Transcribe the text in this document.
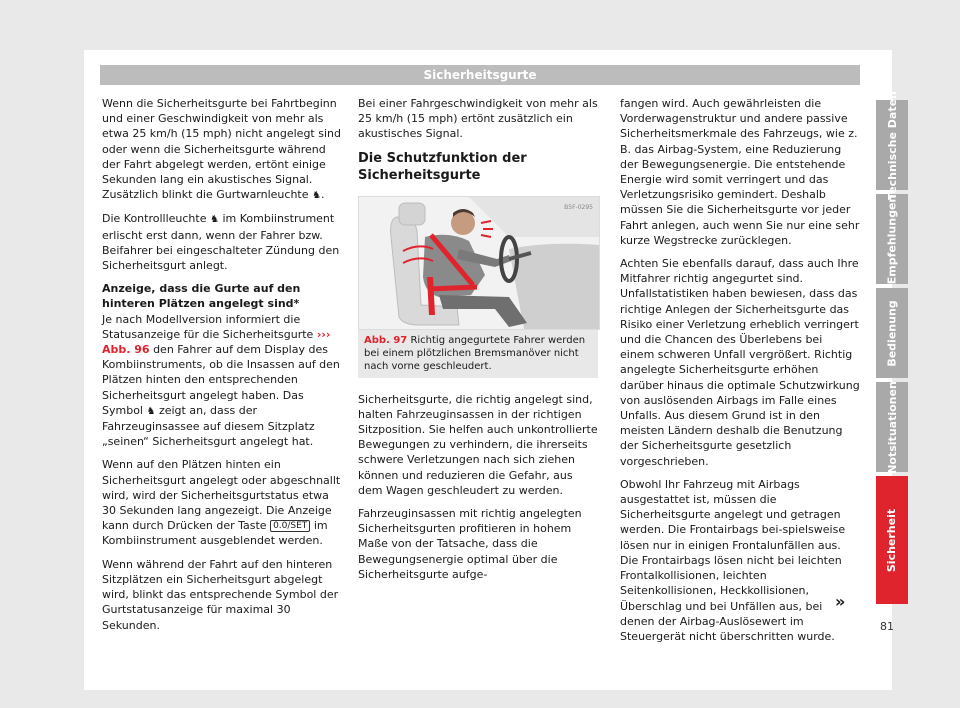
Sicherheitsgurte

Wenn die Sicherheitsgurte bei Fahrtbeginn und einer Geschwindigkeit von mehr als etwa 25 km/h (15 mph) nicht angelegt sind oder wenn die Sicherheitsgurte während der Fahrt abgelegt werden, ertönt einige Sekunden lang ein akustisches Signal. Zusätzlich blinkt die Gurtwarnleuchte ♞.

Die Kontrollleuchte ♞ im Kombiinstrument erlischt erst dann, wenn der Fahrer bzw. Beifahrer bei eingeschalteter Zündung den Sicherheitsgurt anlegt.

Anzeige, dass die Gurte auf den hinteren Plätzen angelegt sind*

Je nach Modellversion informiert die Statusanzeige für die Sicherheitsgurte ››› Abb. 96 den Fahrer auf dem Display des Kombiinstruments, ob die Insassen auf den Plätzen hinten den entsprechenden Sicherheitsgurt angelegt haben. Das Symbol ♞ zeigt an, dass der Fahrzeuginsassee auf diesem Sitzplatz „seinen“ Sicherheitsgurt angelegt hat.

Wenn auf den Plätzen hinten ein Sicherheitsgurt angelegt oder abgeschnallt wird, wird der Sicherheitsgurtstatus etwa 30 Sekunden lang angezeigt. Die Anzeige kann durch Drücken der Taste 0.0/SET im Kombiinstrument ausgeblendet werden.

Wenn während der Fahrt auf den hinteren Sitzplätzen ein Sicherheitsgurt abgelegt wird, blinkt das entsprechende Symbol der Gurtstatusanzeige für maximal 30 Sekunden.

Bei einer Fahrgeschwindigkeit von mehr als 25 km/h (15 mph) ertönt zusätzlich ein akustisches Signal.

Die Schutzfunktion der Sicherheitsgurte
B5F-0295
Abb. 97 Richtig angegurtete Fahrer werden bei einem plötzlichen Bremsmanöver nicht nach vorne geschleudert.

Sicherheitsgurte, die richtig angelegt sind, halten Fahrzeuginsassen in der richtigen Sitzposition. Sie helfen auch unkontrollierte Bewegungen zu verhindern, die ihrerseits schwere Verletzungen nach sich ziehen können und reduzieren die Gefahr, aus dem Wagen geschleudert zu werden.

Fahrzeuginsassen mit richtig angelegten Sicherheitsgurten profitieren in hohem Maße von der Tatsache, dass die Bewegungsenergie optimal über die Sicherheitsgurte aufge-

fangen wird. Auch gewährleisten die Vorderwagenstruktur und andere passive Sicherheitsmerkmale des Fahrzeugs, wie z. B. das Airbag-System, eine Reduzierung der Bewegungsenergie. Die entstehende Energie wird somit verringert und das Verletzungsrisiko gemindert. Deshalb müssen Sie die Sicherheitsgurte vor jeder Fahrt anlegen, auch wenn Sie nur eine sehr kurze Wegstrecke zurücklegen.

Achten Sie ebenfalls darauf, dass auch Ihre Mitfahrer richtig angegurtet sind. Unfallstatistiken haben bewiesen, dass das richtige Anlegen der Sicherheitsgurte das Risiko einer Verletzung erheblich verringert und die Chancen des Überlebens bei einem schweren Unfall vergrößert. Richtig angelegte Sicherheitsgurte erhöhen darüber hinaus die optimale Schutzwirkung von auslösenden Airbags im Falle eines Unfalls. Aus diesem Grund ist in den meisten Ländern deshalb die Benutzung der Sicherheitsgurte gesetzlich vorgeschrieben.

Obwohl Ihr Fahrzeug mit Airbags ausgestattet ist, müssen die Sicherheitsgurte angelegt und getragen werden. Die Frontairbags bei-spielsweise lösen nur in einigen Frontalunfällen aus. Die Frontairbags lösen nicht bei leichten Frontalkollisionen, leichten Seitenkollisionen, Heckkollisionen, Überschlag und bei Unfällen aus, bei denen der Airbag-Auslösewert im Steuergerät nicht überschritten wurde.

»
Technische Daten
Empfehlungen
Bedienung
Notsituationen
Sicherheit
81
